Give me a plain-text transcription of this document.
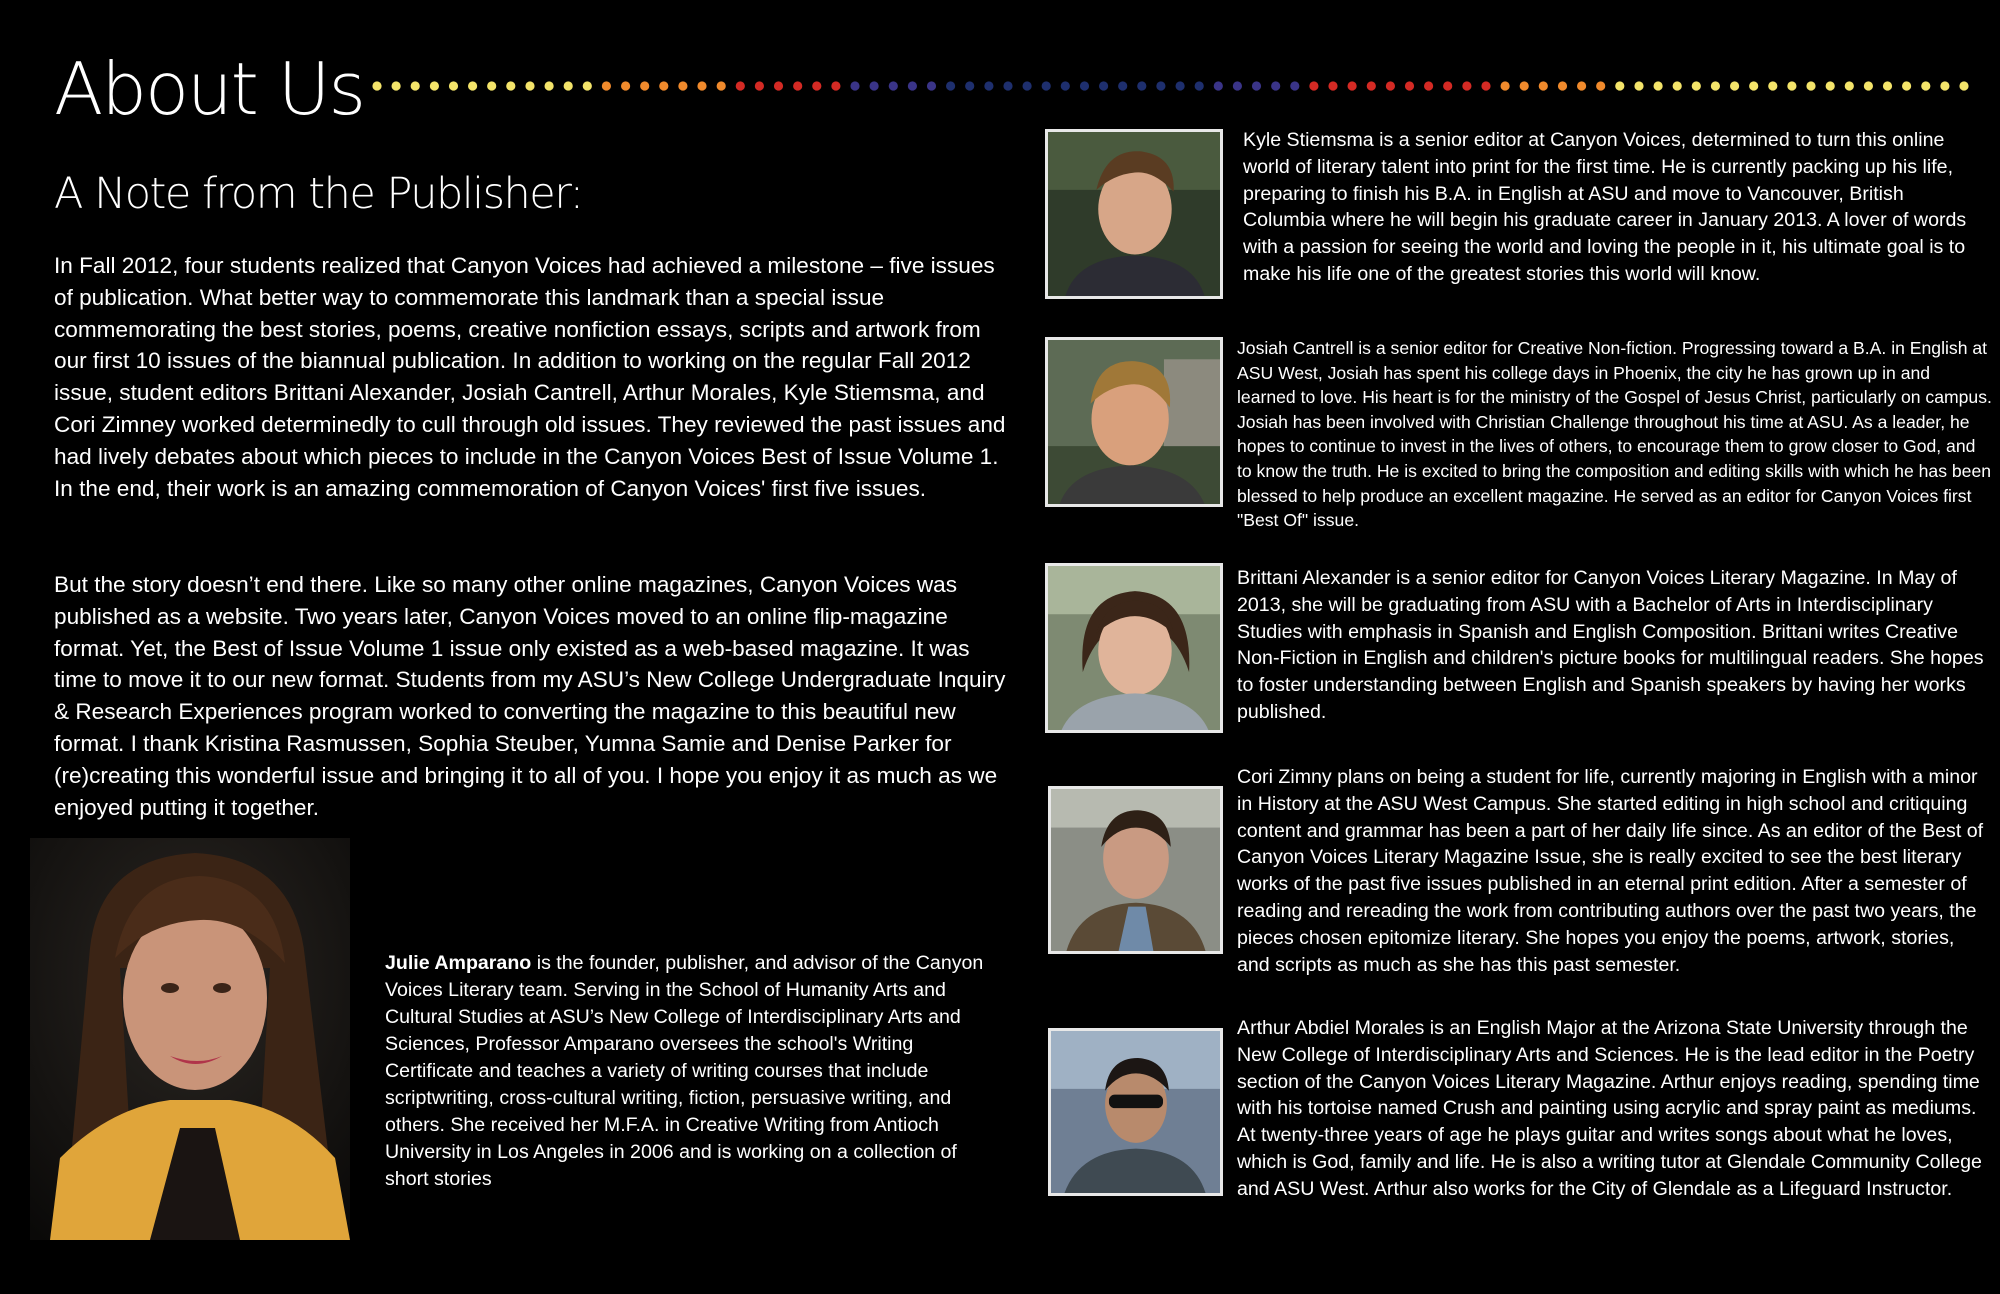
About Us
A Note from the Publisher:

In Fall 2012, four students realized that Canyon Voices had achieved a milestone – five issues of publication. What better way to commemorate this landmark than a special issue commemorating the best stories, poems, creative nonfiction essays, scripts and artwork from our first 10 issues of the biannual publication. In addition to working on the regular Fall 2012 issue, student editors Brittani Alexander, Josiah Cantrell, Arthur Morales, Kyle Stiemsma, and Cori Zimney worked determinedly to cull through old issues. They reviewed the past issues and had lively debates about which pieces to include in the Canyon Voices Best of Issue Volume 1. In the end, their work is an amazing commemoration of Canyon Voices' first five issues.

But the story doesn’t end there. Like so many other online magazines, Canyon Voices was published as a website. Two years later, Canyon Voices moved to an online flip-magazine format. Yet, the Best of Issue Volume 1 issue only existed as a web-based magazine. It was time to move it to our new format. Students from my ASU’s New College Undergraduate Inquiry & Research Experiences program worked to converting the magazine to this beautiful new format. I thank Kristina Rasmussen, Sophia Steuber, Yumna Samie and Denise Parker for (re)creating this wonderful issue and bringing it to all of you. I hope you enjoy it as much as we enjoyed putting it together.

Julie Amparano is the founder, publisher, and advisor of the Canyon Voices Literary team. Serving in the School of Humanity Arts and Cultural Studies at ASU’s New College of Interdisciplinary Arts and Sciences, Professor Amparano oversees the school's Writing Certificate and teaches a variety of writing courses that include scriptwriting, cross-cultural writing, fiction, persuasive writing, and others. She received her M.F.A. in Creative Writing from Antioch University in Los Angeles in 2006 and is working on a collection of short stories

Kyle Stiemsma is a senior editor at Canyon Voices, determined to turn this online world of literary talent into print for the first time. He is currently packing up his life, preparing to finish his B.A. in English at ASU and move to Vancouver, British Columbia where he will begin his graduate career in January 2013. A lover of words with a passion for seeing the world and loving the people in it, his ultimate goal is to make his life one of the greatest stories this world will know.

Josiah Cantrell is a senior editor for Creative Non-fiction. Progressing toward a B.A. in English at ASU West, Josiah has spent his college days in Phoenix, the city he has grown up in and learned to love. His heart is for the ministry of the Gospel of Jesus Christ, particularly on campus. Josiah has been involved with Christian Challenge throughout his time at ASU. As a leader, he hopes to continue to invest in the lives of others, to encourage them to grow closer to God, and to know the truth. He is excited to bring the composition and editing skills with which he has been blessed to help produce an excellent magazine. He served as an editor for Canyon Voices first "Best Of" issue.

Brittani Alexander is a senior editor for Canyon Voices Literary Magazine. In May of 2013, she will be graduating from ASU with a Bachelor of Arts in Interdisciplinary Studies with emphasis in Spanish and English Composition. Brittani writes Creative Non-Fiction in English and children's picture books for multilingual readers. She hopes to foster understanding between English and Spanish speakers by having her works published.

Cori Zimny plans on being a student for life, currently majoring in English with a minor in History at the ASU West Campus. She started editing in high school and critiquing content and grammar has been a part of her daily life since. As an editor of the Best of Canyon Voices Literary Magazine Issue, she is really excited to see the best literary works of the past five issues published in an eternal print edition. After a semester of reading and rereading the work from contributing authors over the past two years, the pieces chosen epitomize literary. She hopes you enjoy the poems, artwork, stories, and scripts as much as she has this past semester.

Arthur Abdiel Morales is an English Major at the Arizona State University through the New College of Interdisciplinary Arts and Sciences. He is the lead editor in the Poetry section of the Canyon Voices Literary Magazine. Arthur enjoys reading, spending time with his tortoise named Crush and painting using acrylic and spray paint as mediums. At twenty-three years of age he plays guitar and writes songs about what he loves, which is God, family and life. He is also a writing tutor at Glendale Community College and ASU West. Arthur also works for the City of Glendale as a Lifeguard Instructor.
